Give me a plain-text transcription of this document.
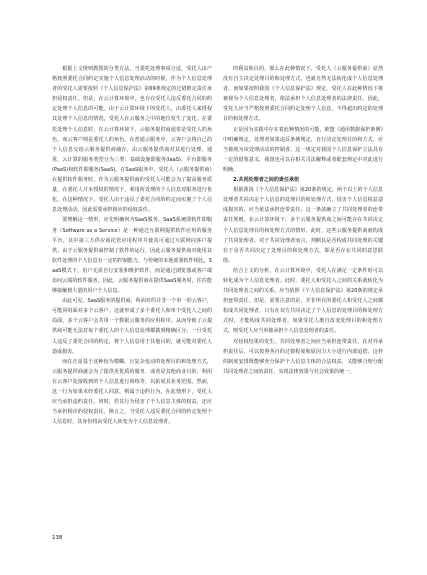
根据上文规则教授的分类方法，当委托处理事项合适，受托人由产格按照委托合同约定实施个人信息处理活动的时候，作为个人信息处理者的受托人需要按照《个人信息保护法》第69条规定的过错推定责任承担侵权责任。但是，在云计算环境中，也存在受托人违反委托合同的约定处理个人信息的可能。由于云计算环境下的受托人，由委托人来授权其处理个人信息的情况，受托人在云服务之中的地位发生了变化。在委托处理个人信息时，在云计算环境下，云服务提供商通常是受托人的角色，而云客户则是委托人的角色。在普通云服务中，云客户会将自己的个人信息交给云服务提供商储存，由云服务提供商对其进行处理。通常，云计算的服务类型分为三类：基础设施即服务(IaaS)、平台即服务(PaaS)和软件即服务(SaaS)。在SaaS服务中，受托人（云服务提供商）在提供软件服务时，作为云服务提供商的受托人可能会为了提高服务质量，在委托人并未授权的情况下，利用所处理的个人信息对服务进行优化。在这种情况下，受托人由于违反了委托合同的约定而实施了个人信息处理活动，因此需要承担相应的侵权责任。

要理解这一情形，应先明确何为SaaS服务。SaaS系统即软件即服务（Software as a Service）是一种通过互联网提供软件应用的服务平台，其中第三方供应商托管应用程序并使其可通过互联网向客户提供。由于云服务提供商控制了软件的运行，因此云服务提供商对使用其软件处理的个人信息有一定的控制能力。与传统的本地部署软件相比，SaaS模式下，用户无需自行安装和维护软件，而是通过浏览器或客户端访问云端的软件服务。因此，云服务提供商在提供SaaS服务时，往往能够接触到大量的用户个人信息。

由此可见，SaaS服务的提供商，所面对的并非一个单一的云客户，可能同时面对多个云客户。这就形成了多个委托人和单个受托人之间的局面，多个云客户会共用一个数据云服务的应用程序。从而导致了云提供商可能无法对每个委托人的个人信息处理都做到精确区分。一旦受托人违反了委托合同的约定，将个人信息用于其他目的，就可能对委托人造成损害。

而在正是基于这种较为模糊、且复杂变动的处理目的和处理方式，云服务提供商就会为了提供更优质的服务，或者是其他商业目的，利用在云客户处接收到的个人信息进行训练等，以拓展其业务范围。然而，这一行为如果未经委托人同意，则属于违约行为。在此情形下，受托人应当承担违约责任，同时，若其行为侵害了个人信息主体的权益，还应当承担相应的侵权责任。换言之，当受托人违反委托合同的约定处理个人信息时，其身份将由受托人转变为个人信息处理者。

的利益和目的，那么在此种情况下，受托人（云服务提供商）显然没有自主决定处理目的和处理方式，也就自然无法转化成个人信息处理者。而如果按照我国《个人信息保护法》规定，受托人在此种情况下将被视为个人信息处理者，依法承担个人信息处理者的法律责任。因此，受托人应当严格按照委托合同约定处理个人信息，不得超出约定的处理目的和处理方式。

正是因为实践中存在着此种情况的可能，欧盟《通用数据保护条例》中明确规定，处理者如果违反条例规定，自行决定处理目的和方式，应当被视为该处理活动的控制者。这一规定对我国个人信息保护立法具有一定的借鉴意义，我国也可以在相关司法解释或者配套规定中对此进行明确。

2.共同处理者之间的责任承担

根据我国《个人信息保护法》第20条的规定，两个以上的个人信息处理者共同决定个人信息的处理目的和处理方式，侵害个人信息权益造成损害的，应当依法承担连带责任。这一条款确立了共同处理者的连带责任规则。在云计算环境下，多个云服务提供商之间可能存在共同决定个人信息处理目的和处理方式的情形，此时，这些云服务提供商就构成了共同处理者。对于共同处理者而言，判断其是否构成共同处理的关键在于是否共同决定了处理目的和处理方式，即是否存在共同的意思联络。

结合上文的分析，在云计算环境中，受托人在满足一定条件时可以转化成为个人信息处理者。此时，委托人和受托人之间的关系就转化为共同处理者之间的关系，应当依照《个人信息保护法》第20条的规定承担连带责任。但是，需要注意的是，并非所有的委托人和受托人之间都构成共同处理者，只有在双方共同决定了个人信息的处理目的和处理方式时，才能构成共同处理者。如果受托人擅自改变处理目的和处理方式，则受托人应当单独承担个人信息处理者的责任。

对侵权结果的发生，共同处理者之间应当承担连带责任，在对外承担责任后，可以按照各自的过错程度和原因力大小进行内部追偿。这样的制度安排既能够充分保护个人信息主体的合法权益，又能够合理分配共同处理者之间的责任，实现法律效果与社会效果的统一。

138
